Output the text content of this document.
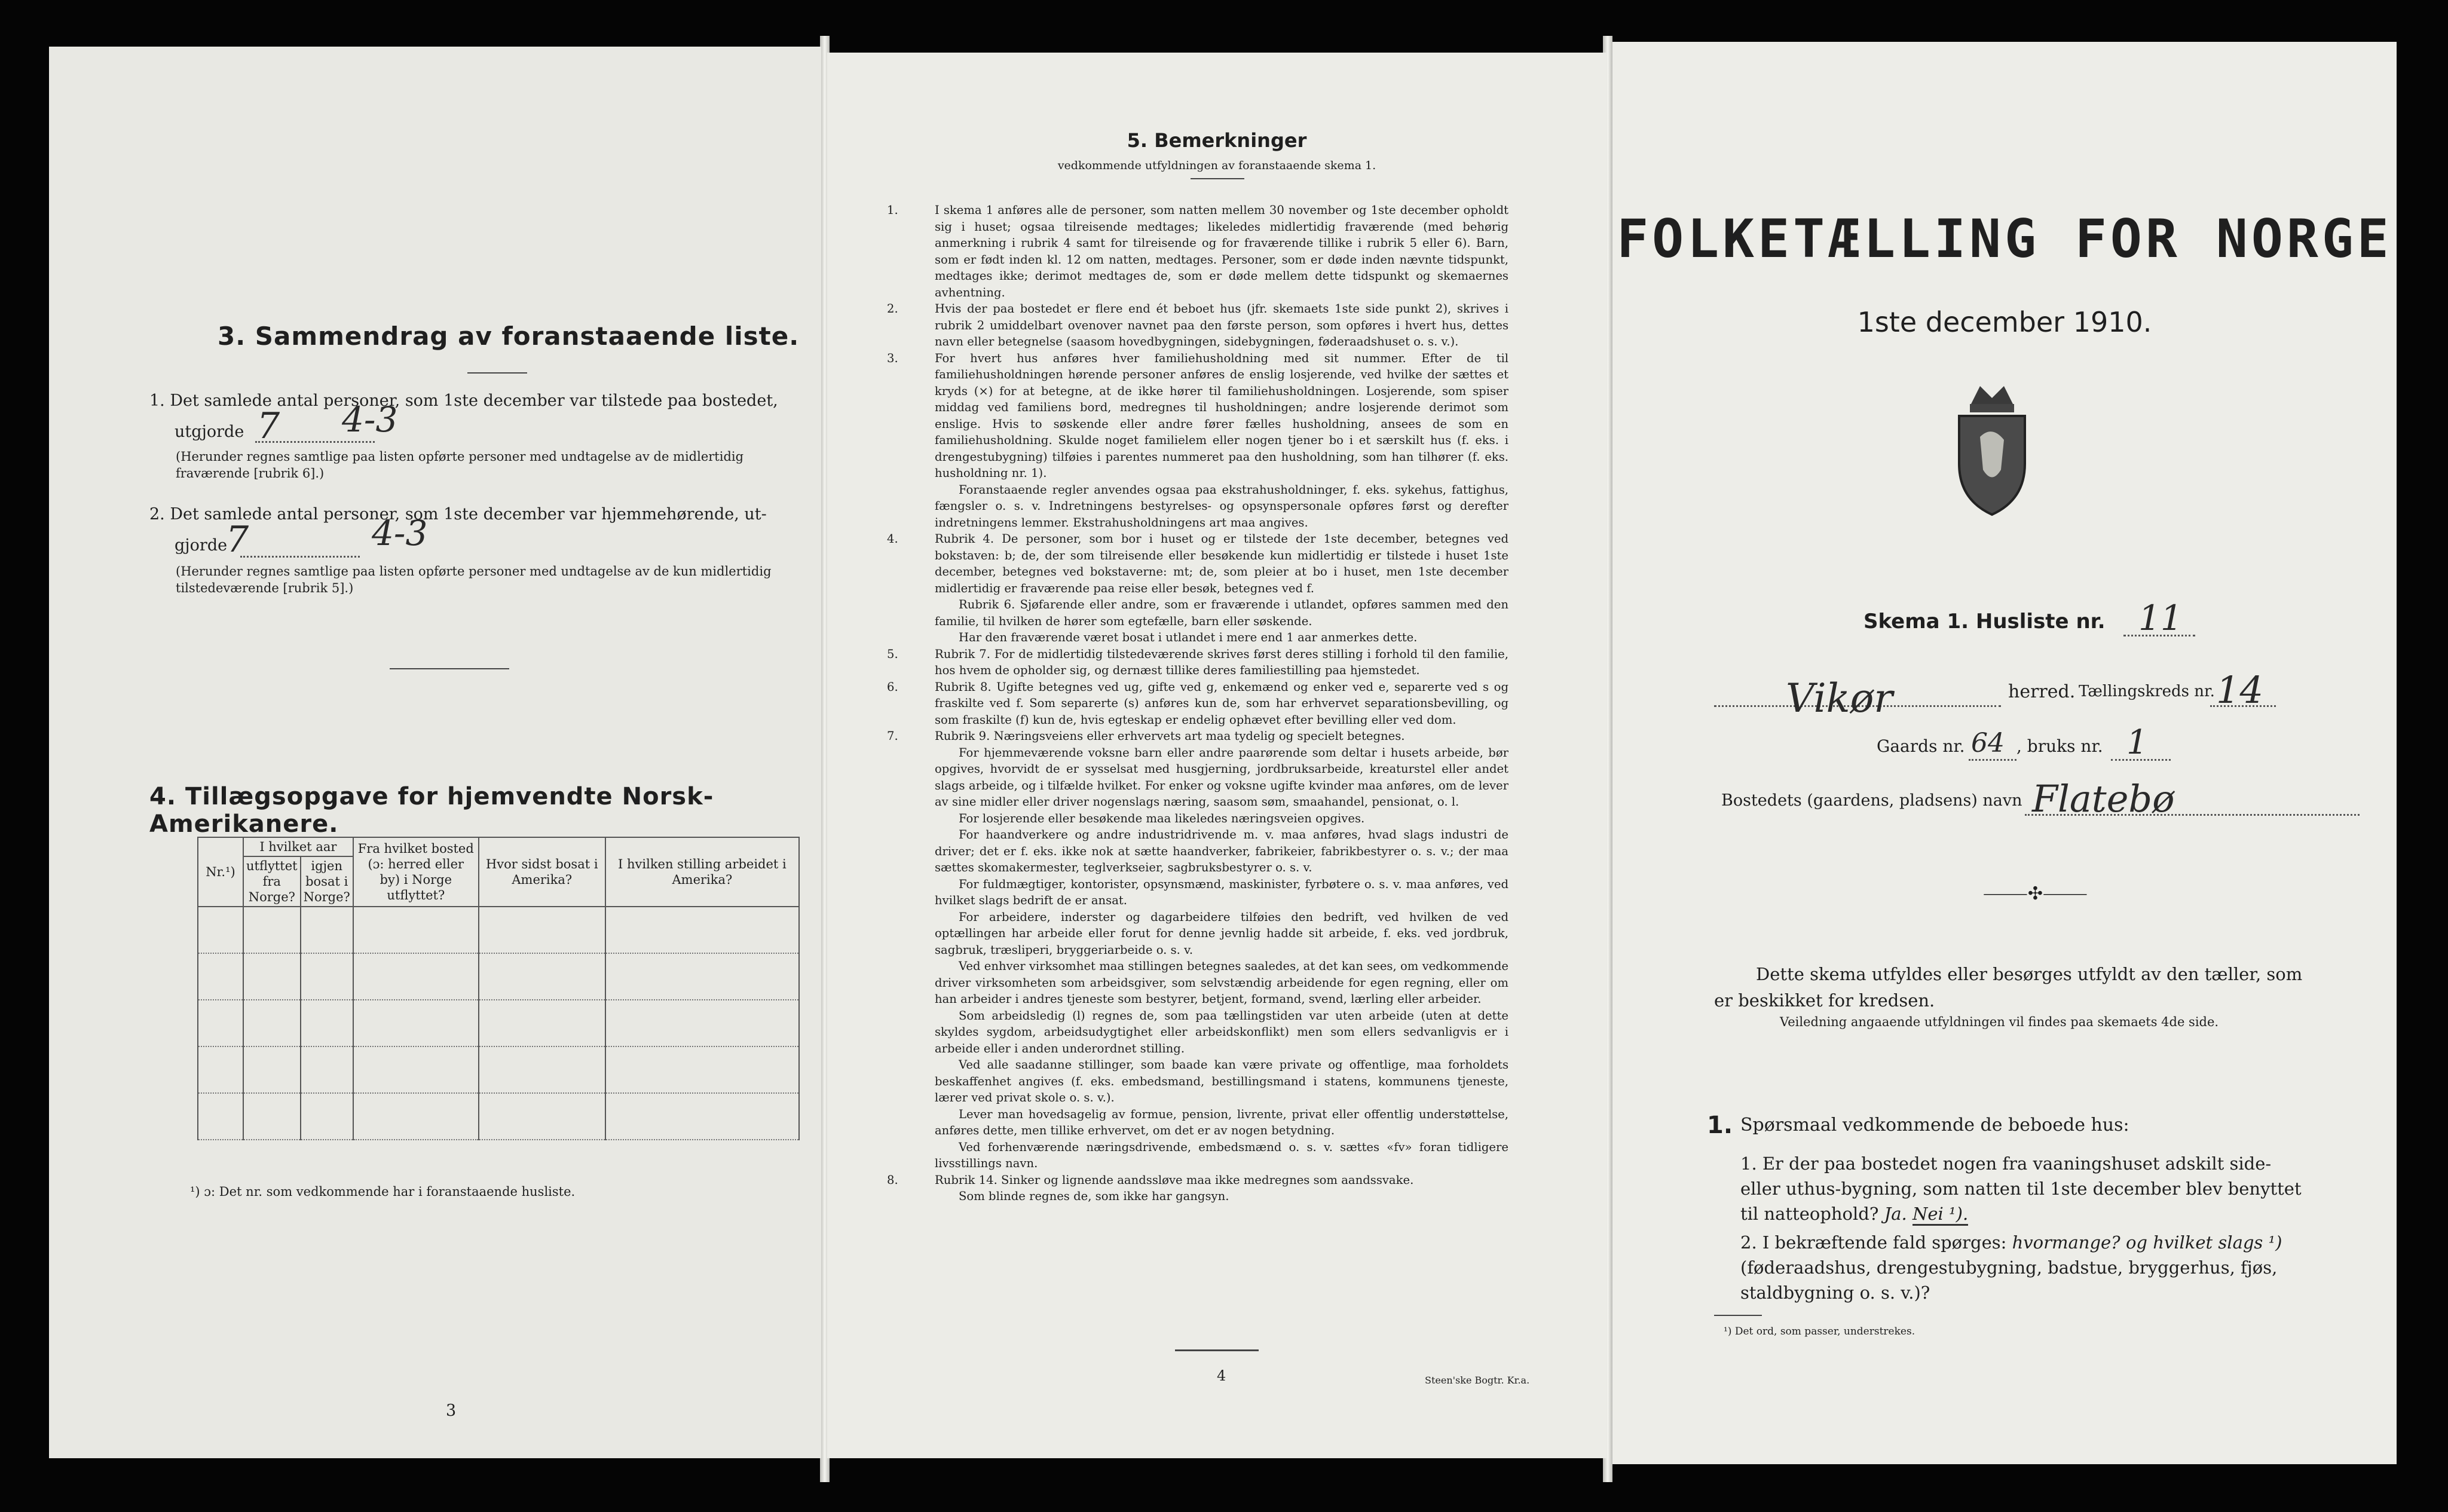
3. Sammendrag av foranstaaende liste.
1. Det samlede antal personer, som 1ste december var tilstede paa bostedet,
utgjorde 7 4-3
(Herunder regnes samtlige paa listen opførte personer med undtagelse av de midlertidig fraværende [rubrik 6].)
2. Det samlede antal personer, som 1ste december var hjemmehørende, ut-
gjorde
7	4-3
(Herunder regnes samtlige paa listen opførte personer med undtagelse av de kun midlertidig tilstedeværende [rubrik 5].)
4. Tillægsopgave for hjemvendte Norsk-Amerikanere.
Nr.¹)	I hvilket aar		Fra hvilket bosted (ɔ: herred eller by) i Norge utflyttet?	Hvor sidst bosat i Amerika?	I hvilken stilling arbeidet i Amerika?
	utflyttet fra Norge?	igjen bosat i Norge?			

¹) ɔ: Det nr. som vedkommende har i foranstaaende husliste.
3
5. Bemerkninger
vedkommende utfyldningen av foranstaaende skema 1.

1.	I skema 1 anføres alle de personer, som natten mellem 30 november og 1ste december opholdt sig i huset; ogsaa tilreisende medtages; likeledes midlertidig fraværende (med behørig anmerkning i rubrik 4 samt for tilreisende og for fraværende tillike i rubrik 5 eller 6). Barn, som er født inden kl. 12 om natten, medtages. Personer, som er døde inden nævnte tidspunkt, medtages ikke; derimot medtages de, som er døde mellem dette tidspunkt og skemaernes avhentning.

2.	Hvis der paa bostedet er flere end ét beboet hus (jfr. skemaets 1ste side punkt 2), skrives i rubrik 2 umiddelbart ovenover navnet paa den første person, som opføres i hvert hus, dettes navn eller betegnelse (saasom hovedbygningen, sidebygningen, føderaadshuset o. s. v.).

3.	For hvert hus anføres hver familiehusholdning med sit nummer. Efter de til familiehusholdningen hørende personer anføres de enslig losjerende, ved hvilke der sættes et kryds (×) for at betegne, at de ikke hører til familiehusholdningen. Losjerende, som spiser middag ved familiens bord, medregnes til husholdningen; andre losjerende derimot som enslige. Hvis to søskende eller andre fører fælles husholdning, ansees de som en familiehusholdning. Skulde noget familielem eller nogen tjener bo i et særskilt hus (f. eks. i drengestubygning) tilføies i parentes nummeret paa den husholdning, som han tilhører (f. eks. husholdning nr. 1).

Foranstaaende regler anvendes ogsaa paa ekstrahusholdninger, f. eks. sykehus, fattighus, fængsler o. s. v. Indretningens bestyrelses- og opsynspersonale opføres først og derefter indretningens lemmer. Ekstrahusholdningens art maa angives.

4.	Rubrik 4. De personer, som bor i huset og er tilstede der 1ste december, betegnes ved bokstaven: b; de, der som tilreisende eller besøkende kun midlertidig er tilstede i huset 1ste december, betegnes ved bokstaverne: mt; de, som pleier at bo i huset, men 1ste december midlertidig er fraværende paa reise eller besøk, betegnes ved f.

Rubrik 6. Sjøfarende eller andre, som er fraværende i utlandet, opføres sammen med den familie, til hvilken de hører som egtefælle, barn eller søskende.

Har den fraværende været bosat i utlandet i mere end 1 aar anmerkes dette.

5.	Rubrik 7. For de midlertidig tilstedeværende skrives først deres stilling i forhold til den familie, hos hvem de opholder sig, og dernæst tillike deres familiestilling paa hjemstedet.

6.	Rubrik 8. Ugifte betegnes ved ug, gifte ved g, enkemænd og enker ved e, separerte ved s og fraskilte ved f. Som separerte (s) anføres kun de, som har erhvervet separationsbevilling, og som fraskilte (f) kun de, hvis egteskap er endelig ophævet efter bevilling eller ved dom.

7.	Rubrik 9. Næringsveiens eller erhvervets art maa tydelig og specielt betegnes.

For hjemmeværende voksne barn eller andre paarørende som deltar i husets arbeide, bør opgives, hvorvidt de er sysselsat med husgjerning, jordbruksarbeide, kreaturstel eller andet slags arbeide, og i tilfælde hvilket. For enker og voksne ugifte kvinder maa anføres, om de lever av sine midler eller driver nogenslags næring, saasom søm, smaahandel, pensionat, o. l.

For losjerende eller besøkende maa likeledes næringsveien opgives.

For haandverkere og andre industridrivende m. v. maa anføres, hvad slags industri de driver; det er f. eks. ikke nok at sætte haandverker, fabrikeier, fabrikbestyrer o. s. v.; der maa sættes skomakermester, teglverkseier, sagbruksbestyrer o. s. v.

For fuldmægtiger, kontorister, opsynsmænd, maskinister, fyrbøtere o. s. v. maa anføres, ved hvilket slags bedrift de er ansat.

For arbeidere, inderster og dagarbeidere tilføies den bedrift, ved hvilken de ved optællingen har arbeide eller forut for denne jevnlig hadde sit arbeide, f. eks. ved jordbruk, sagbruk, træsliperi, bryggeriarbeide o. s. v.

Ved enhver virksomhet maa stillingen betegnes saaledes, at det kan sees, om vedkommende driver virksomheten som arbeidsgiver, som selvstændig arbeidende for egen regning, eller om han arbeider i andres tjeneste som bestyrer, betjent, formand, svend, lærling eller arbeider.

Som arbeidsledig (l) regnes de, som paa tællingstiden var uten arbeide (uten at dette skyldes sygdom, arbeidsudygtighet eller arbeidskonflikt) men som ellers sedvanligvis er i arbeide eller i anden underordnet stilling.

Ved alle saadanne stillinger, som baade kan være private og offentlige, maa forholdets beskaffenhet angives (f. eks. embedsmand, bestillingsmand i statens, kommunens tjeneste, lærer ved privat skole o. s. v.).

Lever man hovedsagelig av formue, pension, livrente, privat eller offentlig understøttelse, anføres dette, men tillike erhvervet, om det er av nogen betydning.

Ved forhenværende næringsdrivende, embedsmænd o. s. v. sættes «fv» foran tidligere livsstillings navn.

8.	Rubrik 14. Sinker og lignende aandssløve maa ikke medregnes som aandssvake.

Som blinde regnes de, som ikke har gangsyn.

4	Steen'ske Bogtr. Kr.a.
FOLKETÆLLING FOR NORGE
1ste december 1910.
Skema 1. Husliste nr. 11
Vikør	herred. Tællingskreds nr. 14
Gaards nr. 64 , bruks nr. 1
Bostedets (gaardens, pladsens) navn Flatebø
⸻✣⸻
Dette skema utfyldes eller besørges utfyldt av den tæller, som er beskikket for kredsen.
Veiledning angaaende utfyldningen vil findes paa skemaets 4de side.
1. Spørsmaal vedkommende de beboede hus:
1. Er der paa bostedet nogen fra vaaningshuset adskilt side- eller uthus-bygning, som natten til 1ste december blev benyttet til natteophold? Ja. Nei ¹).
2. I bekræftende fald spørges: hvormange? og hvilket slags ¹) (føderaadshus, drengestubygning, badstue, bryggerhus, fjøs, staldbygning o. s. v.)?
¹) Det ord, som passer, understrekes.
